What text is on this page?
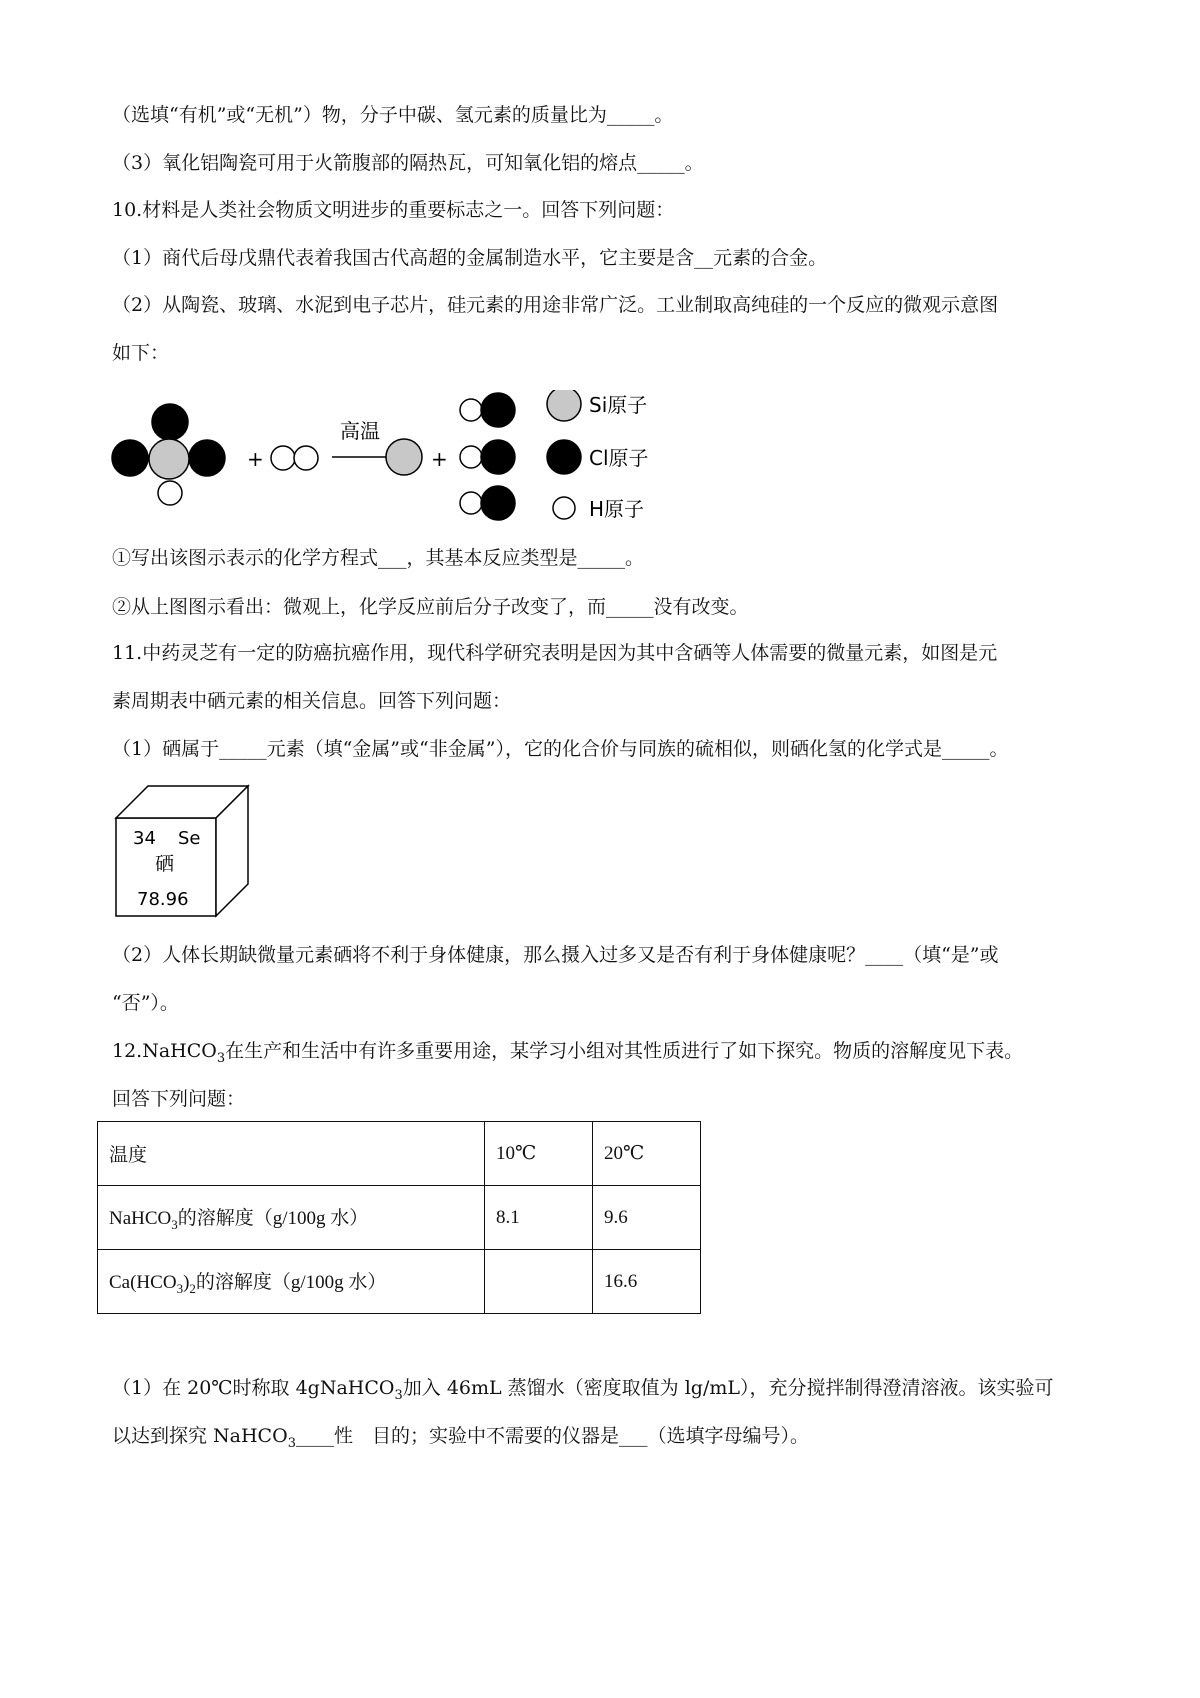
（选填“有机”或“无机”）物，分子中碳、氢元素的质量比为_____。
（3）氧化铝陶瓷可用于火箭腹部的隔热瓦，可知氧化铝的熔点_____。
10.材料是人类社会物质文明进步的重要标志之一。回答下列问题：
（1）商代后母戊鼎代表着我国古代高超的金属制造水平，它主要是含__元素的合金。
（2）从陶瓷、玻璃、水泥到电子芯片，硅元素的用途非常广泛。工业制取高纯硅的一个反应的微观示意图
如下：
+
高温
+
Si原子
Cl原子
H原子
①写出该图示表示的化学方程式___，其基本反应类型是_____。
②从上图图示看出：微观上，化学反应前后分子改变了，而_____没有改变。
11.中药灵芝有一定的防癌抗癌作用，现代科学研究表明是因为其中含硒等人体需要的微量元素，如图是元
素周期表中硒元素的相关信息。回答下列问题：
（1）硒属于_____元素（填“金属”或“非金属”），它的化合价与同族的硫相似，则硒化氢的化学式是_____。
34 Se
硒
78.96
（2）人体长期缺微量元素硒将不利于身体健康，那么摄入过多又是否有利于身体健康呢？____（填“是”或
“否”）。
12.NaHCO$_3$在生产和生活中有许多重要用途，某学习小组对其性质进行了如下探究。物质的溶解度见下表。
回答下列问题：
温度	10℃	20℃
NaHCO$_3$的溶解度（g/100g 水）	8.1	9.6
$Ca(HCO_3)_2$的溶解度（g/100g 水）		16.6
（1）在 20℃时称取 4gNaHCO$_3$加入 46mL 蒸馏水（密度取值为 lg/mL），充分搅拌制得澄清溶液。该实验可
以达到探究 NaHCO$_3$____性　目的；实验中不需要的仪器是___（选填字母编号）。
